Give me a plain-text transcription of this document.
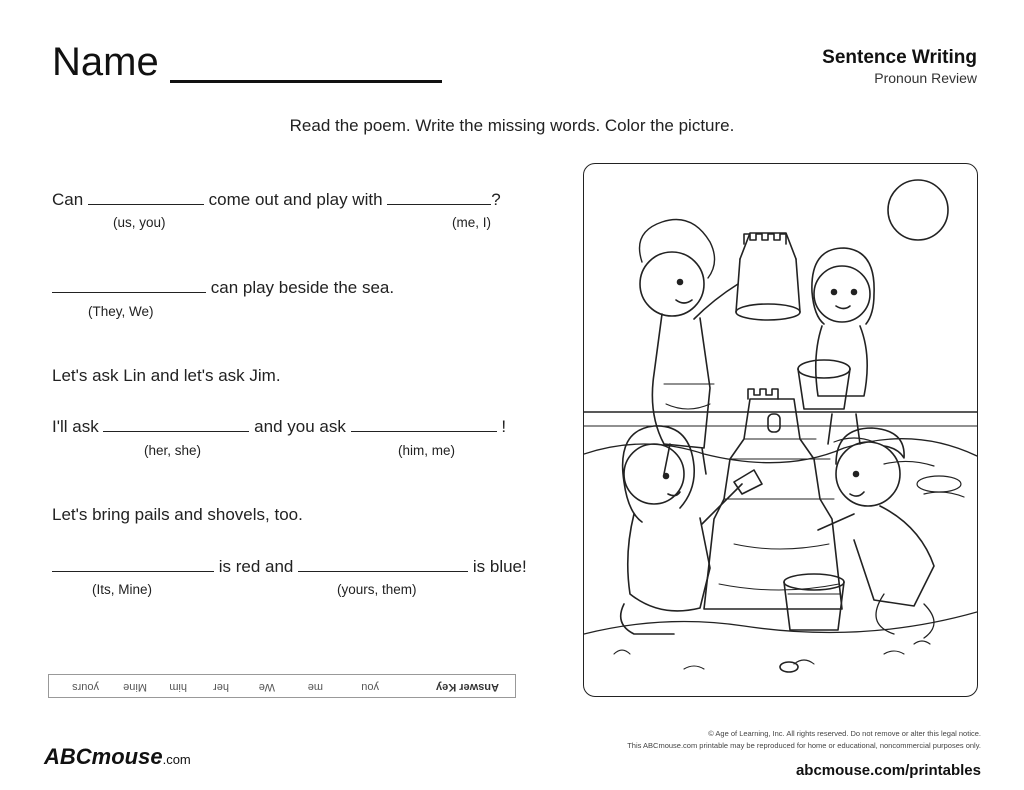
Name	Sentence Writing
Pronoun Review
Read the poem. Write the missing words. Color the picture.
Can	come out and play with	?
(us, you)	(me, I)
can play beside the sea.
(They, We)
Let's ask Lin and let's ask Jim.
I'll ask	and you ask	!
(her, she)	(him, me)
Let's bring pails and shovels, too.
is red and	is blue!
(Its, Mine)	(yours, them)
Answer Key
you
me
We
her
him
Mine
yours
ABCmouse.com
© Age of Learning, Inc. All rights reserved. Do not remove or alter this legal notice.
This ABCmouse.com printable may be reproduced for home or educational, noncommercial purposes only.
abcmouse.com/printables
